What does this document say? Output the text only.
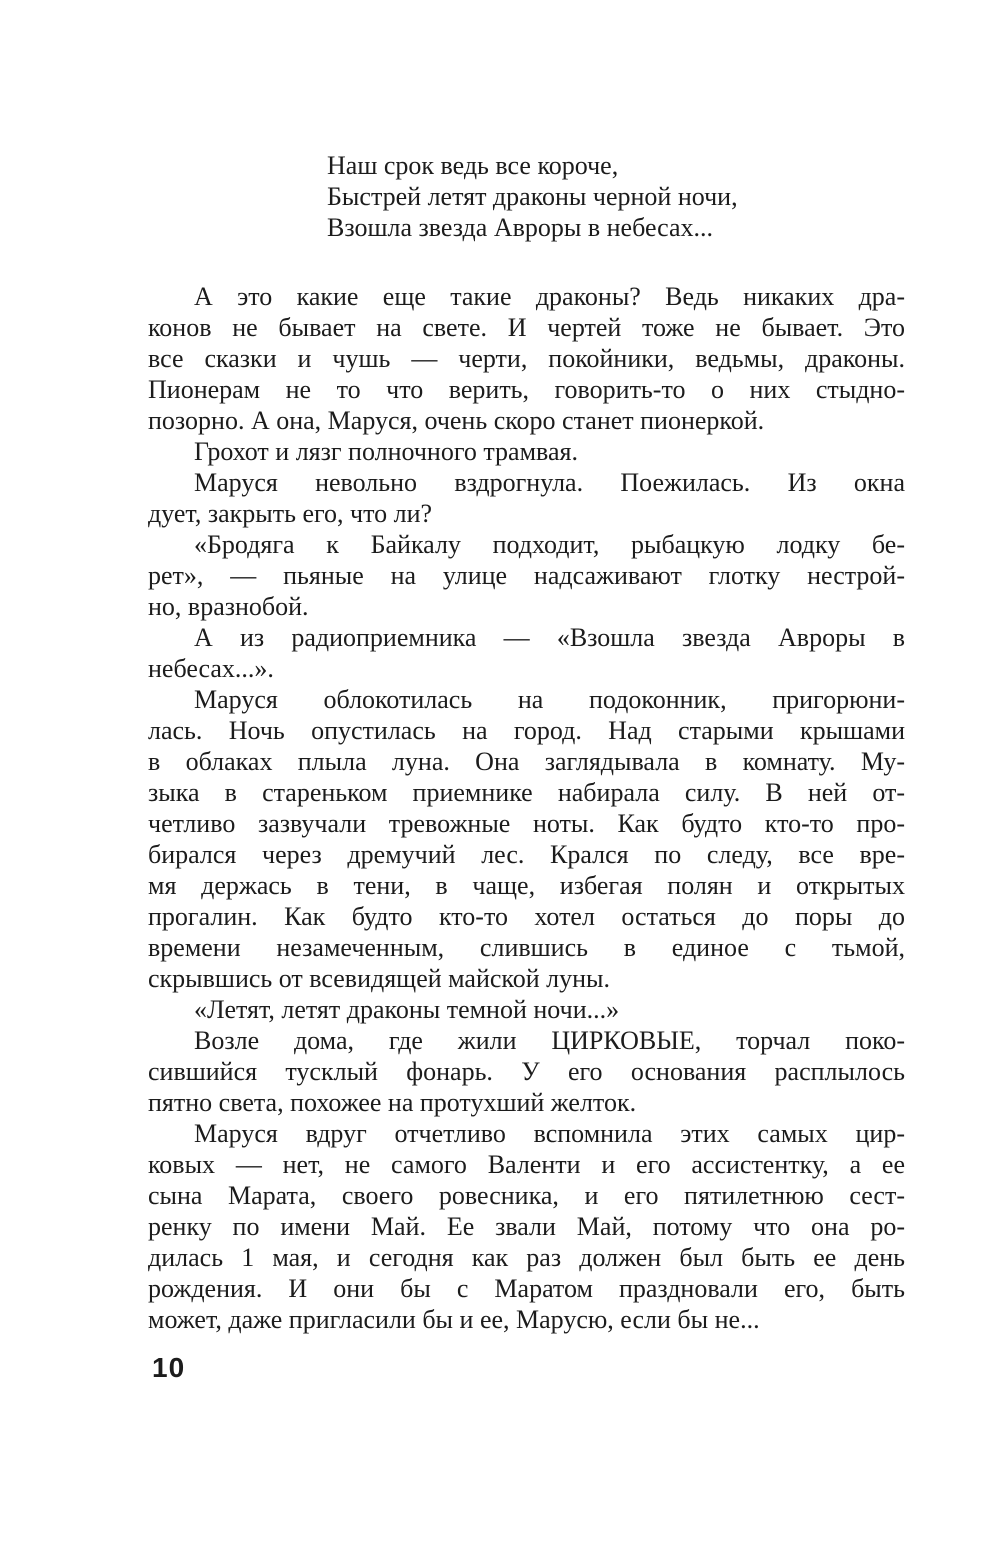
Наш срок ведь все короче,
Быстрей летят драконы черной ночи,
Взошла звезда Авроры в небесах...
А это какие еще такие драконы? Ведь никаких дра-
конов не бывает на свете. И чертей тоже не бывает. Это
все сказки и чушь — черти, покойники, ведьмы, драконы.
Пионерам не то что верить, говорить-то о них стыдно-
позорно. А она, Маруся, очень скоро станет пионеркой.
Грохот и лязг полночного трамвая.
Маруся невольно вздрогнула. Поежилась. Из окна
дует, закрыть его, что ли?
«Бродяга к Байкалу подходит, рыбацкую лодку бе-
рет», — пьяные на улице надсаживают глотку нестрой-
но, вразнобой.
А из радиоприемника — «Взошла звезда Авроры в
небесах...».
Маруся облокотилась на подоконник, пригорюни-
лась. Ночь опустилась на город. Над старыми крышами
в облаках плыла луна. Она заглядывала в комнату. Му-
зыка в стареньком приемнике набирала силу. В ней от-
четливо зазвучали тревожные ноты. Как будто кто-то про-
бирался через дремучий лес. Крался по следу, все вре-
мя держась в тени, в чаще, избегая полян и открытых
прогалин. Как будто кто-то хотел остаться до поры до
времени незамеченным, слившись в единое с тьмой,
скрывшись от всевидящей майской луны.
«Летят, летят драконы темной ночи...»
Возле дома, где жили ЦИРКОВЫЕ, торчал поко-
сившийся тусклый фонарь. У его основания расплылось
пятно света, похожее на протухший желток.
Маруся вдруг отчетливо вспомнила этих самых цир-
ковых — нет, не самого Валенти и его ассистентку, а ее
сына Марата, своего ровесника, и его пятилетнюю сест-
ренку по имени Май. Ее звали Май, потому что она ро-
дилась 1 мая, и сегодня как раз должен был быть ее день
рождения. И они бы с Маратом праздновали его, быть
может, даже пригласили бы и ее, Марусю, если бы не...
10
